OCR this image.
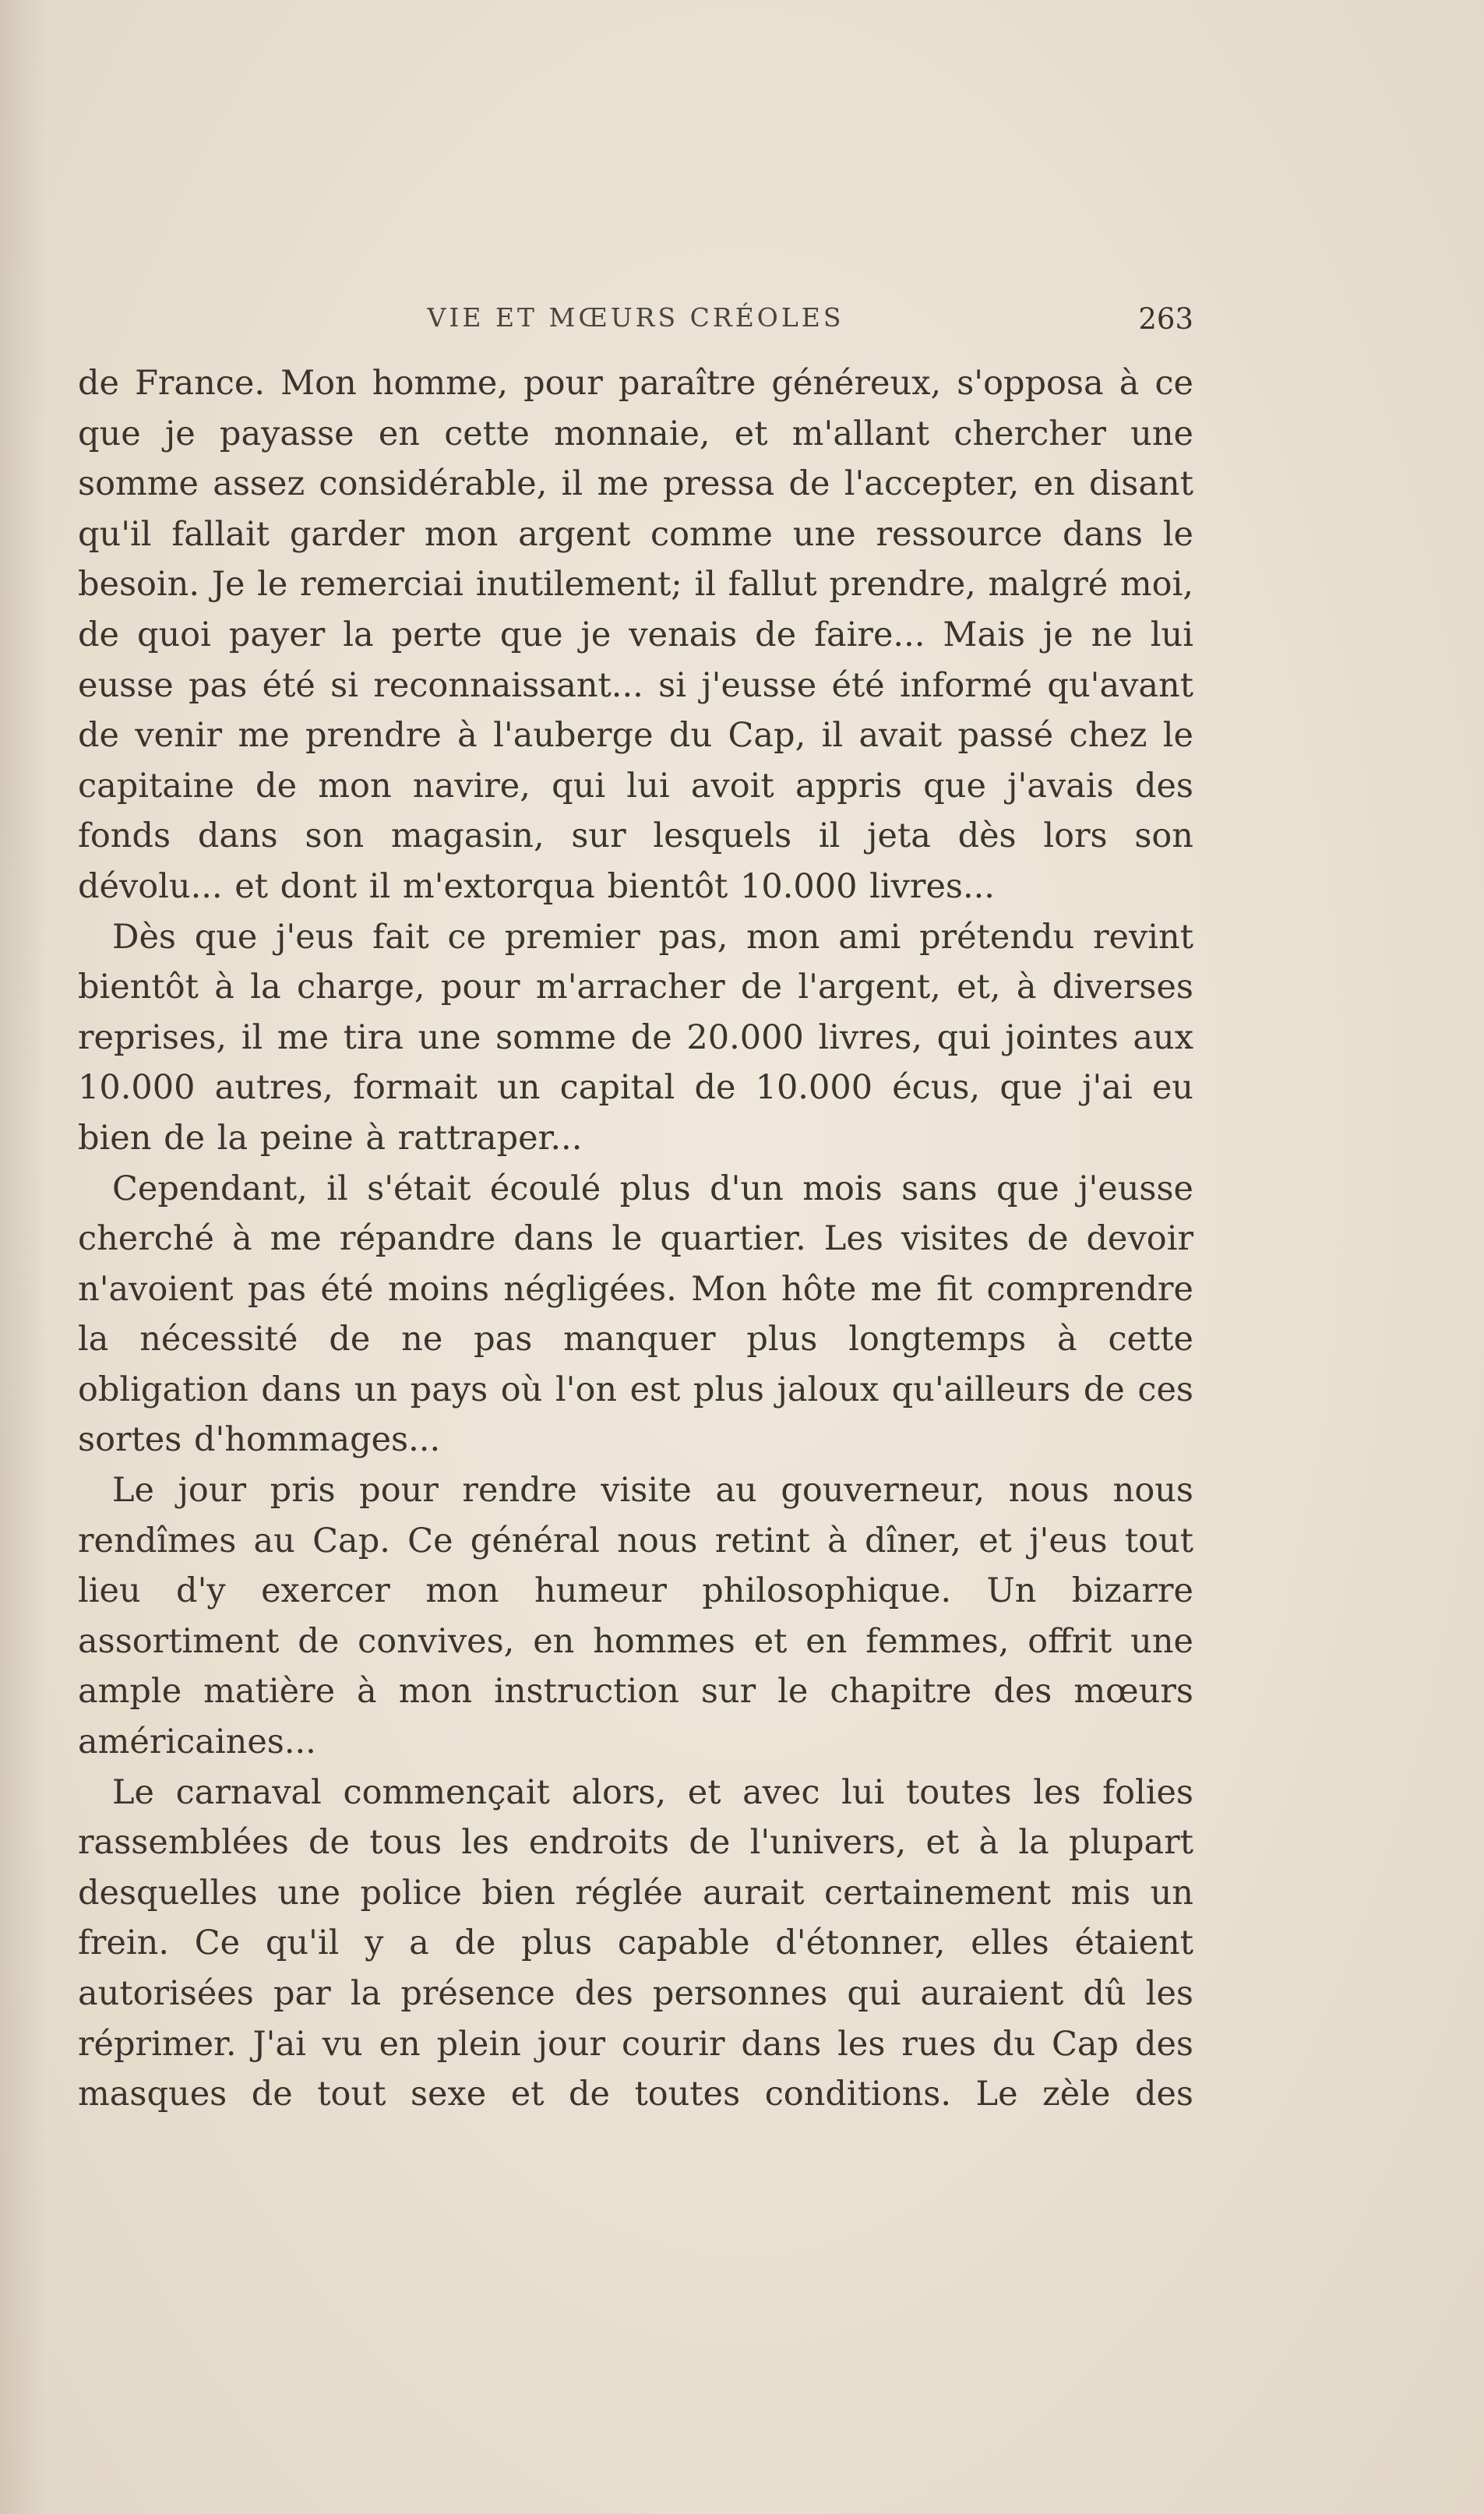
VIE ET MŒURS CRÉOLES	263

de France. Mon homme, pour paraître généreux, s'opposa à ce que je payasse en cette monnaie, et m'allant chercher une somme assez considérable, il me pressa de l'accepter, en disant qu'il fallait garder mon argent comme une ressource dans le besoin. Je le remerciai inutilement; il fallut prendre, malgré moi, de quoi payer la perte que je venais de faire... Mais je ne lui eusse pas été si reconnaissant... si j'eusse été informé qu'avant de venir me prendre à l'auberge du Cap, il avait passé chez le capitaine de mon navire, qui lui avoit appris que j'avais des fonds dans son magasin, sur lesquels il jeta dès lors son dévolu... et dont il m'extorqua bientôt 10.000 livres...

Dès que j'eus fait ce premier pas, mon ami prétendu revint bientôt à la charge, pour m'arracher de l'argent, et, à diverses reprises, il me tira une somme de 20.000 livres, qui jointes aux 10.000 autres, formait un capital de 10.000 écus, que j'ai eu bien de la peine à rattraper...

Cependant, il s'était écoulé plus d'un mois sans que j'eusse cherché à me répandre dans le quartier. Les visites de devoir n'avoient pas été moins négligées. Mon hôte me fit comprendre la nécessité de ne pas manquer plus longtemps à cette obligation dans un pays où l'on est plus jaloux qu'ailleurs de ces sortes d'hommages...

Le jour pris pour rendre visite au gouverneur, nous nous rendîmes au Cap. Ce général nous retint à dîner, et j'eus tout lieu d'y exercer mon humeur philosophique. Un bizarre assortiment de convives, en hommes et en femmes, offrit une ample matière à mon instruction sur le chapitre des mœurs américaines...

Le carnaval commençait alors, et avec lui toutes les folies rassemblées de tous les endroits de l'univers, et à la plupart desquelles une police bien réglée aurait certainement mis un frein. Ce qu'il y a de plus capable d'étonner, elles étaient autorisées par la présence des personnes qui auraient dû les réprimer. J'ai vu en plein jour courir dans les rues du Cap des masques de tout sexe et de toutes conditions. Le zèle des
